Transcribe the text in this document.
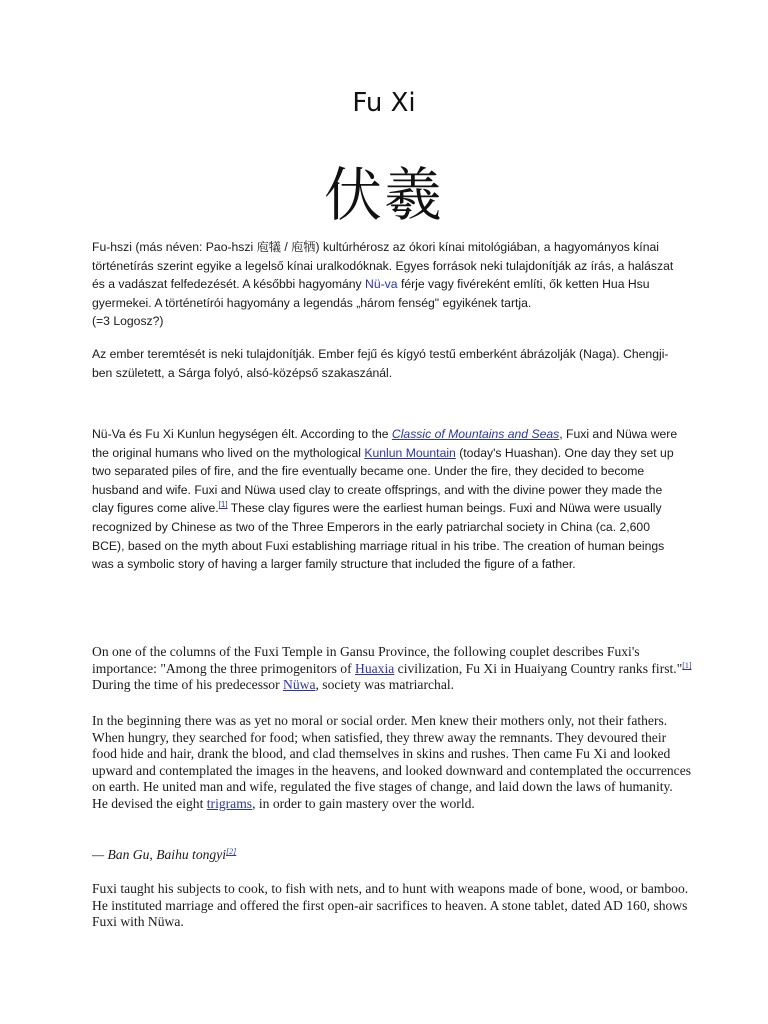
Fu Xi
伏羲
Fu-hszi (más néven: Pao-hszi 庖犠 / 庖牺) kultúrhérosz az ókori kínai mitológiában, a hagyományos kínai történetírás szerint egyike a legelső kínai uralkodóknak. Egyes források neki tulajdonítják az írás, a halászat és a vadászat felfedezését. A későbbi hagyomány Nü-va férje vagy fivéreként említi, ők ketten Hua Hsu gyermekei. A történetírói hagyomány a legendás „három fenség" egyikének tartja.
(=3 Logosz?)
Az ember teremtését is neki tulajdonítják. Ember fejű és kígyó testű emberként ábrázolják (Naga). Chengji-ben született, a Sárga folyó, alsó-középső szakaszánál.
Nü-Va és Fu Xi Kunlun hegységen élt. According to the Classic of Mountains and Seas, Fuxi and Nüwa were the original humans who lived on the mythological Kunlun Mountain (today's Huashan). One day they set up two separated piles of fire, and the fire eventually became one. Under the fire, they decided to become husband and wife. Fuxi and Nüwa used clay to create offsprings, and with the divine power they made the clay figures come alive.[1] These clay figures were the earliest human beings. Fuxi and Nüwa were usually recognized by Chinese as two of the Three Emperors in the early patriarchal society in China (ca. 2,600 BCE), based on the myth about Fuxi establishing marriage ritual in his tribe. The creation of human beings was a symbolic story of having a larger family structure that included the figure of a father.

On one of the columns of the Fuxi Temple in Gansu Province, the following couplet describes Fuxi's importance: "Among the three primogenitors of Huaxia civilization, Fu Xi in Huaiyang Country ranks first."[1] During the time of his predecessor Nüwa, society was matriarchal.

In the beginning there was as yet no moral or social order. Men knew their mothers only, not their fathers. When hungry, they searched for food; when satisfied, they threw away the remnants. They devoured their food hide and hair, drank the blood, and clad themselves in skins and rushes. Then came Fu Xi and looked upward and contemplated the images in the heavens, and looked downward and contemplated the occurrences on earth. He united man and wife, regulated the five stages of change, and laid down the laws of humanity. He devised the eight trigrams, in order to gain mastery over the world.

— Ban Gu, Baihu tongyi[2]

Fuxi taught his subjects to cook, to fish with nets, and to hunt with weapons made of bone, wood, or bamboo. He instituted marriage and offered the first open-air sacrifices to heaven. A stone tablet, dated AD 160, shows Fuxi with Nüwa.
